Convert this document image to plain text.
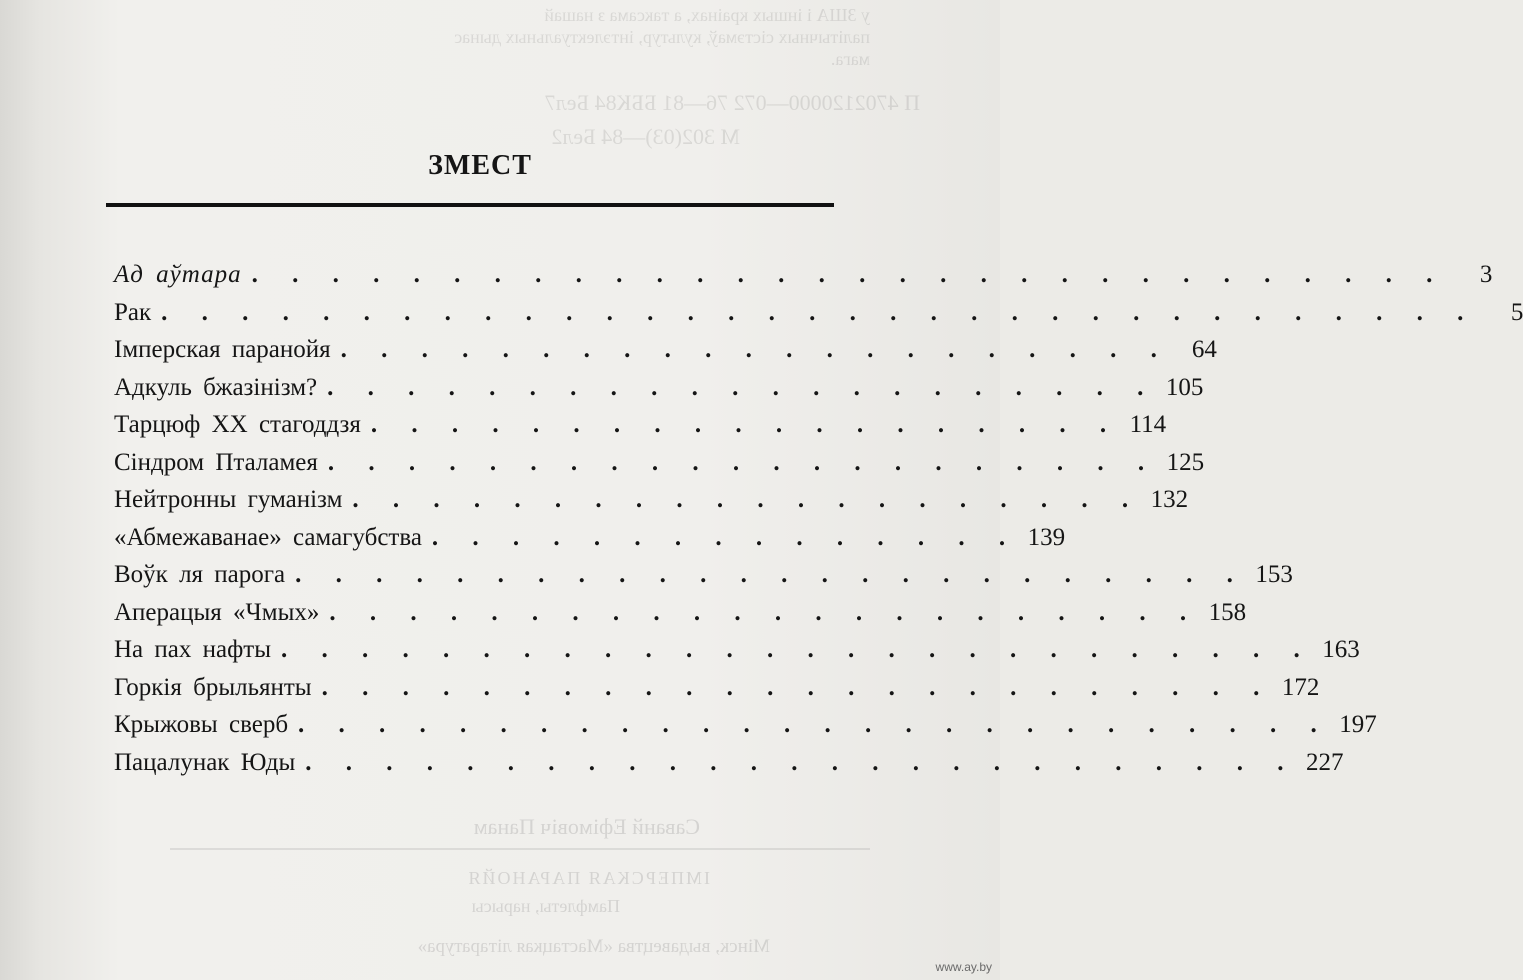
у ЗША і іншых краінах, а таксама з нашай
палітычных сістэмаў, культур, інтэлектуальных дынас
мага.
П 4702120000—072 76—81 ББК84 Бел7
М 302(03)—84 Бел2
ЗМЕСТ
Ад аўтара . . . . . . . . . . . . . . . . . . . . . . . . . . . . . .	3
Рак . . . . . . . . . . . . . . . . . . . . . . . . . . . . . . . . .	5
Імперская паранойя . . . . . . . . . . . . . . . . . . . . . 64
Адкуль бжазінізм? . . . . . . . . . . . . . . . . . . . . . 105
Тарцюф XX стагоддзя . . . . . . . . . . . . . . . . . . . 114
Сіндром Пталамея . . . . . . . . . . . . . . . . . . . . . 125
Нейтронны гуманізм . . . . . . . . . . . . . . . . . . . . 132
«Абмежаванае» самагубства . . . . . . . . . . . . . . . 139
Воўк ля парога . . . . . . . . . . . . . . . . . . . . . . . . 153
Аперацыя «Чмых» . . . . . . . . . . . . . . . . . . . . . . 158
На пах нафты . . . . . . . . . . . . . . . . . . . . . . . . . . 163
Горкія брыльянты . . . . . . . . . . . . . . . . . . . . . . . . 172
Крыжовы сверб . . . . . . . . . . . . . . . . . . . . . . . . . . 197
Пацалунак Юды . . . . . . . . . . . . . . . . . . . . . . . . . 227
Саванй Ефімовіч Панам
ІМПЕРСКАЯ ПАРАНОЙЯ
Памфлеты, нарысы
Мінск, выдавецтва «Мастацкая літаратура»
www.ay.by
